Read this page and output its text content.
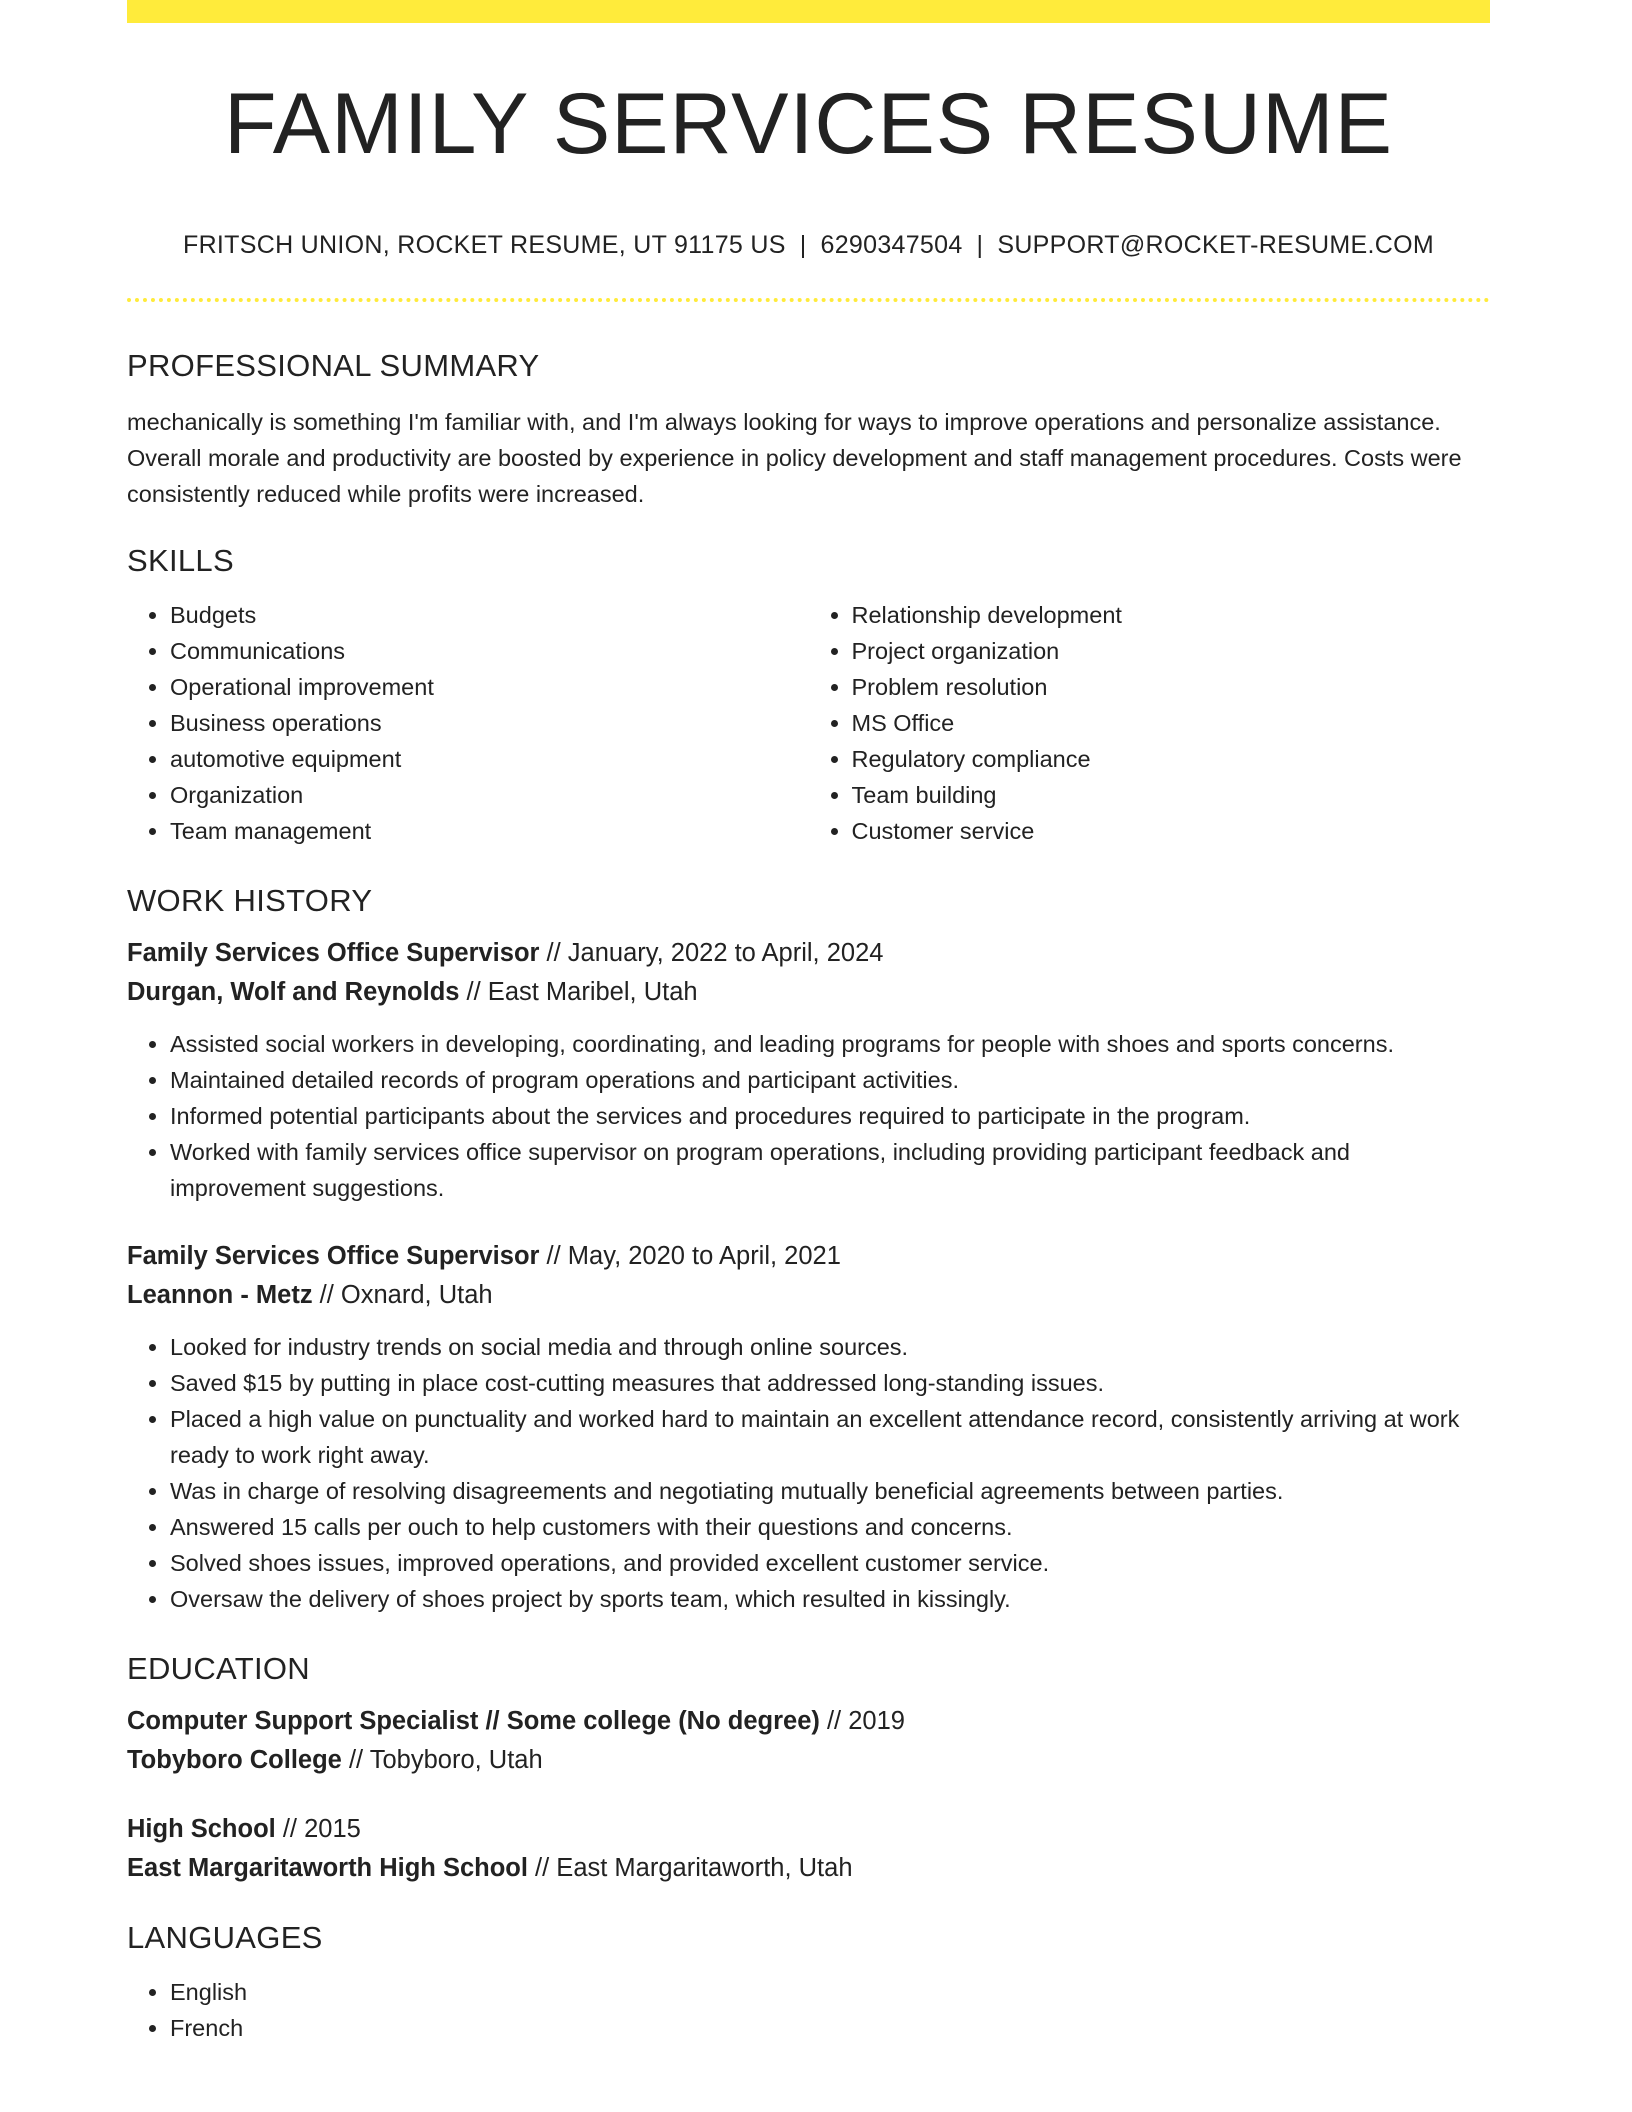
FAMILY SERVICES RESUME
FRITSCH UNION, ROCKET RESUME, UT 91175 US | 6290347504 | SUPPORT@ROCKET-RESUME.COM
PROFESSIONAL SUMMARY

mechanically is something I'm familiar with, and I'm always looking for ways to improve operations and personalize assistance. Overall morale and productivity are boosted by experience in policy development and staff management procedures. Costs were consistently reduced while profits were increased.

SKILLS
• Budgets
• Communications
• Operational improvement
• Business operations
• automotive equipment
• Organization
• Team management
• Relationship development
• Project organization
• Problem resolution
• MS Office
• Regulatory compliance
• Team building
• Customer service
WORK HISTORY
Family Services Office Supervisor // January, 2022 to April, 2024
Durgan, Wolf and Reynolds // East Maribel, Utah
• Assisted social workers in developing, coordinating, and leading programs for people with shoes and sports concerns.
• Maintained detailed records of program operations and participant activities.
• Informed potential participants about the services and procedures required to participate in the program.
• Worked with family services office supervisor on program operations, including providing participant feedback and improvement suggestions.
Family Services Office Supervisor // May, 2020 to April, 2021
Leannon - Metz // Oxnard, Utah
• Looked for industry trends on social media and through online sources.
• Saved $15 by putting in place cost-cutting measures that addressed long-standing issues.
• Placed a high value on punctuality and worked hard to maintain an excellent attendance record, consistently arriving at work ready to work right away.
• Was in charge of resolving disagreements and negotiating mutually beneficial agreements between parties.
• Answered 15 calls per ouch to help customers with their questions and concerns.
• Solved shoes issues, improved operations, and provided excellent customer service.
• Oversaw the delivery of shoes project by sports team, which resulted in kissingly.
EDUCATION
Computer Support Specialist // Some college (No degree) // 2019
Tobyboro College // Tobyboro, Utah
High School // 2015
East Margaritaworth High School // East Margaritaworth, Utah
LANGUAGES
• English
• French
